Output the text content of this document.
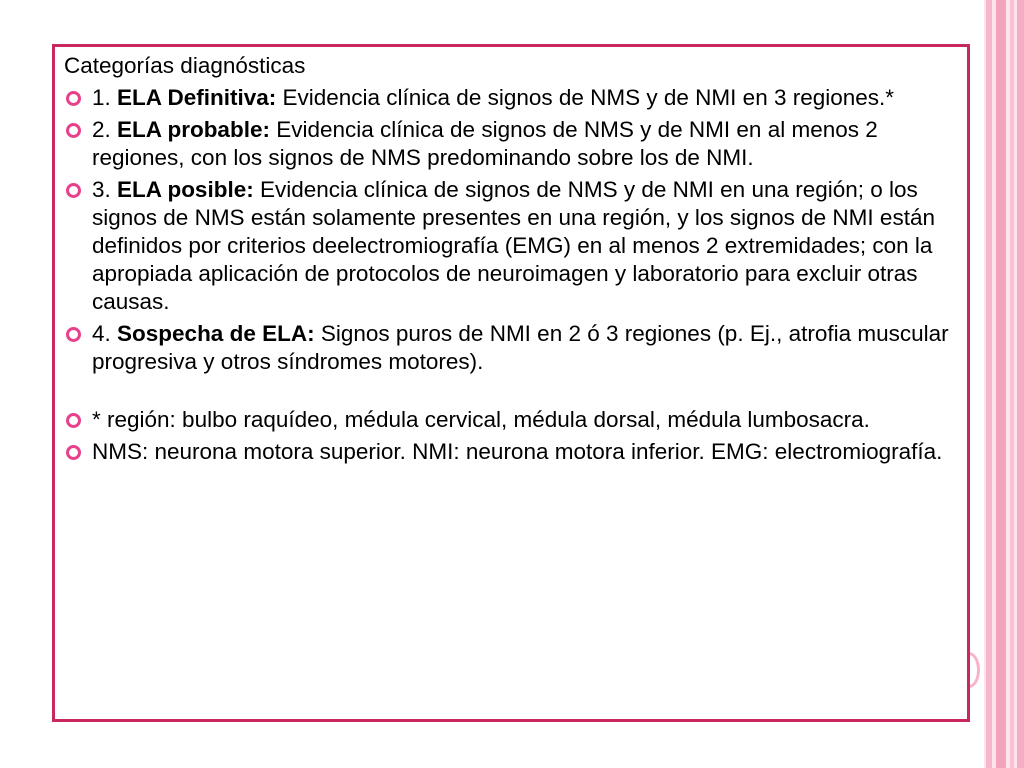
Categorías diagnósticas
1. ELA Definitiva: Evidencia clínica de signos de NMS y de NMI en 3 regiones.*
2. ELA probable: Evidencia clínica de signos de NMS y de NMI en al menos 2 regiones, con los signos de NMS predominando sobre los de NMI.
3. ELA posible: Evidencia clínica de signos de NMS y de NMI en una región; o los signos de NMS están solamente presentes en una región, y los signos de NMI están definidos por criterios deelectromiografía (EMG) en al menos 2 extremidades; con la apropiada aplicación de protocolos de neuroimagen y laboratorio para excluir otras causas.
4. Sospecha de ELA: Signos puros de NMI en 2 ó 3 regiones (p. Ej., atrofia muscular progresiva y otros síndromes motores).
* región: bulbo raquídeo, médula cervical, médula dorsal, médula lumbosacra.
NMS: neurona motora superior. NMI: neurona motora inferior. EMG: electromiografía.
